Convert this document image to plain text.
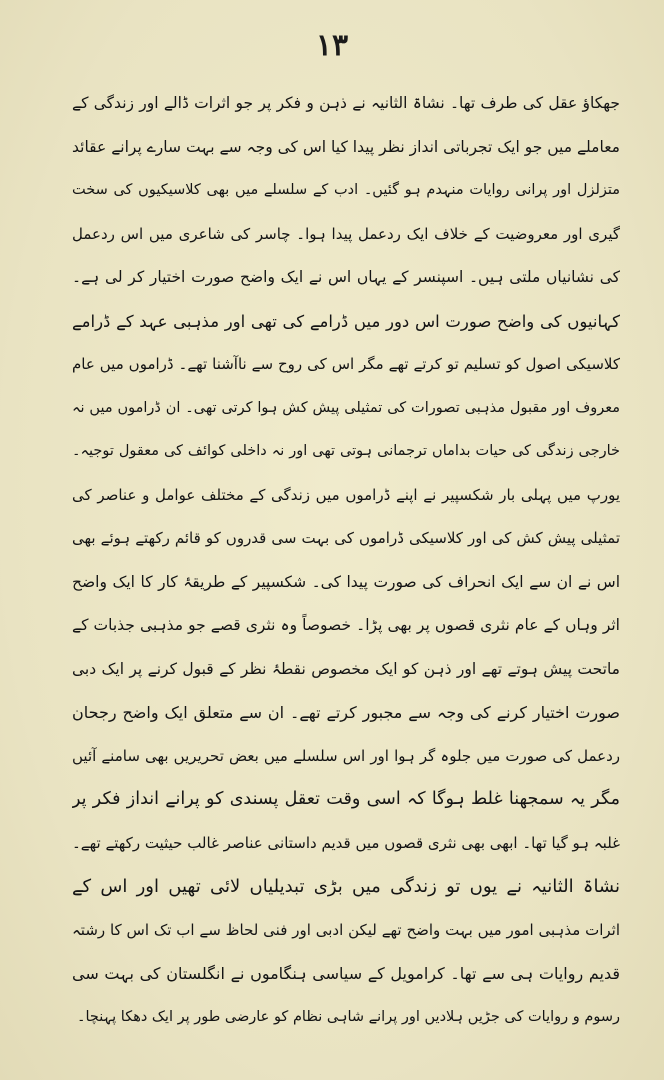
۱۳
جھکاؤ عقل کی طرف تھا۔ نشاۃ الثانیہ نے ذہن و فکر پر جو اثرات ڈالے اور زندگی کے
معاملے میں جو ایک تجرباتی انداز نظر پیدا کیا اس کی وجہ سے بہت سارے پرانے عقائد
متزلزل اور پرانی روایات منہدم ہو گئیں۔ ادب کے سلسلے میں بھی کلاسیکیوں کی سخت
گیری اور معروضیت کے خلاف ایک ردعمل پیدا ہوا۔ چاسر کی شاعری میں اس ردعمل
کی نشانیاں ملتی ہیں۔ اسپنسر کے یہاں اس نے ایک واضح صورت اختیار کر لی ہے۔
کہانیوں کی واضح صورت اس دور میں ڈرامے کی تھی اور مذہبی عہد کے ڈرامے
کلاسیکی اصول کو تسلیم تو کرتے تھے مگر اس کی روح سے ناآشنا تھے۔ ڈراموں میں عام
معروف اور مقبول مذہبی تصورات کی تمثیلی پیش کش ہوا کرتی تھی۔ ان ڈراموں میں نہ
خارجی زندگی کی حیات بداماں ترجمانی ہوتی تھی اور نہ داخلی کوائف کی معقول توجیہ۔
یورپ میں پہلی بار شکسپیر نے اپنے ڈراموں میں زندگی کے مختلف عوامل و عناصر کی
تمثیلی پیش کش کی اور کلاسیکی ڈراموں کی بہت سی قدروں کو قائم رکھتے ہوئے بھی
اس نے ان سے ایک انحراف کی صورت پیدا کی۔ شکسپیر کے طریقۂ کار کا ایک واضح
اثر وہاں کے عام نثری قصوں پر بھی پڑا۔ خصوصاً وہ نثری قصے جو مذہبی جذبات کے
ماتحت پیش ہوتے تھے اور ذہن کو ایک مخصوص نقطۂ نظر کے قبول کرنے پر ایک دبی
صورت اختیار کرنے کی وجہ سے مجبور کرتے تھے۔ ان سے متعلق ایک واضح رجحان
ردعمل کی صورت میں جلوہ گر ہوا اور اس سلسلے میں بعض تحریریں بھی سامنے آئیں
مگر یہ سمجھنا غلط ہوگا کہ اسی وقت تعقل پسندی کو پرانے انداز فکر پر
غلبہ ہو گیا تھا۔ ابھی بھی نثری قصوں میں قدیم داستانی عناصر غالب حیثیت رکھتے تھے۔
نشاۃ الثانیہ نے یوں تو زندگی میں بڑی تبدیلیاں لائی تھیں اور اس کے
اثرات مذہبی امور میں بہت واضح تھے لیکن ادبی اور فنی لحاظ سے اب تک اس کا رشتہ
قدیم روایات ہی سے تھا۔ کرامویل کے سیاسی ہنگاموں نے انگلستان کی بہت سی
رسوم و روایات کی جڑیں ہلادیں اور پرانے شاہی نظام کو عارضی طور پر ایک دھکا پہنچا۔
